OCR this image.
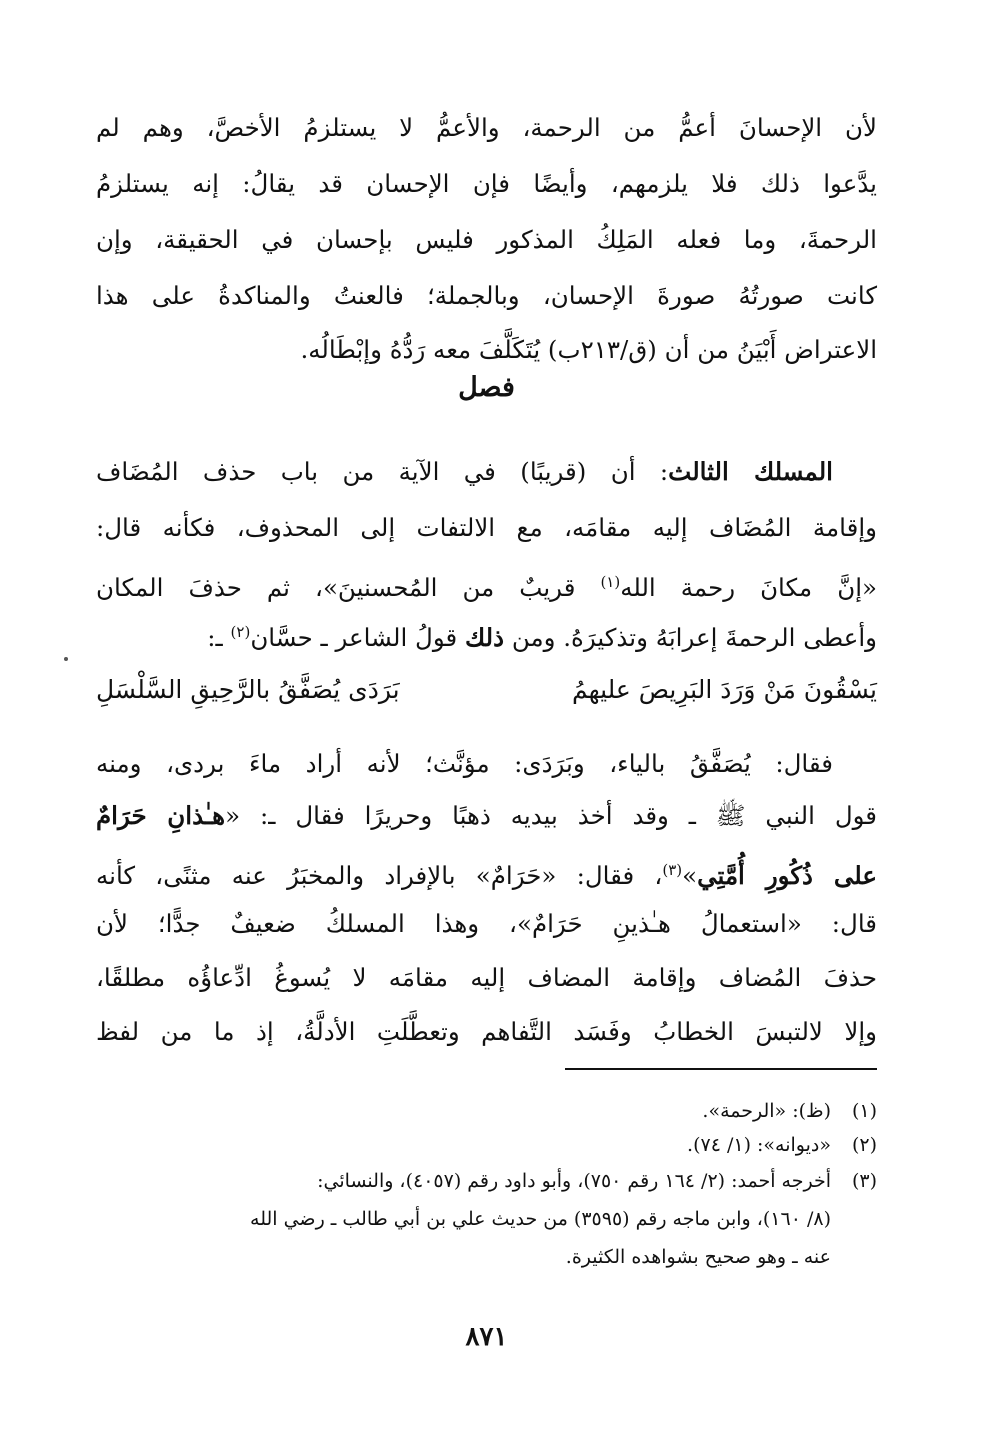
لأن الإحسانَ أعمُّ من الرحمة، والأعمُّ لا يستلزمُ الأخصَّ، وهم لم
يدَّعوا ذلك فلا يلزمهم، وأيضًا فإن الإحسان قد يقالُ: إنه يستلزمُ
الرحمةَ، وما فعله المَلِكُ المذكور فليس بإحسان في الحقيقة، وإن
كانت صورتُهُ صورةَ الإحسان، وبالجملة؛ فالعنتُ والمناكدةُ على هذا
الاعتراض أَبْيَنُ من أن (ق/٢١٣ب) يُتَكَلَّفَ معه رَدُّهُ وإبْطَالُه.
فصل
المسلك الثالث: أن (قريبًا) في الآية من باب حذف المُضَاف
وإقامة المُضَاف إليه مقامَه، مع الالتفات إلى المحذوف، فكأنه قال:
«إنَّ مكانَ رحمة الله$^{(١)}$ قريبٌ من المُحسنينَ»، ثم حذفَ المكان
وأعطى الرحمةَ إعرابَهُ وتذكيرَهُ. ومن ذلك قولُ الشاعر ـ حسَّان$^{(٢)}$ ـ:
يَسْقُونَ مَنْ وَرَدَ البَرِيصَ عليهمُ
بَرَدَى يُصَفَّقُ بالرَّحِيقِ السَّلْسَلِ
فقال: يُصَفَّقُ بالياء، وبَرَدَى: مؤنَّث؛ لأنه أراد ماءَ بردى، ومنه
قول النبي ﷺ ـ وقد أخذ بيديه ذهبًا وحريرًا فقال ـ: «هـٰذانِ حَرَامٌ
على ذُكُورِ أُمَّتِي»$^{(٣)}$، فقال: «حَرَامٌ» بالإفراد والمخبَرُ عنه مثنًى، كأنه
قال: «استعمالُ هـٰذينِ حَرَامٌ»، وهذا المسلكُ ضعيفٌ جدًّا؛ لأن
حذفَ المُضاف وإقامة المضاف إليه مقامَه لا يُسوغُ ادِّعاؤُه مطلقًا،
وإلا لالتبسَ الخطابُ وفَسَد التَّفاهم وتعطَّلَتِ الأدلَّةُ، إذ ما من لفظ
(١)(ظ): «الرحمة».
(٢)«ديوانه»: (١/ ٧٤).
(٣)أخرجه أحمد: (٢/ ١٦٤ رقم ٧٥٠)، وأبو داود رقم (٤٠٥٧)، والنسائي:
(٨/ ١٦٠)، وابن ماجه رقم (٣٥٩٥) من حديث علي بن أبي طالب ـ رضي الله
عنه ـ وهو صحيح بشواهده الكثيرة.
٨٧١
